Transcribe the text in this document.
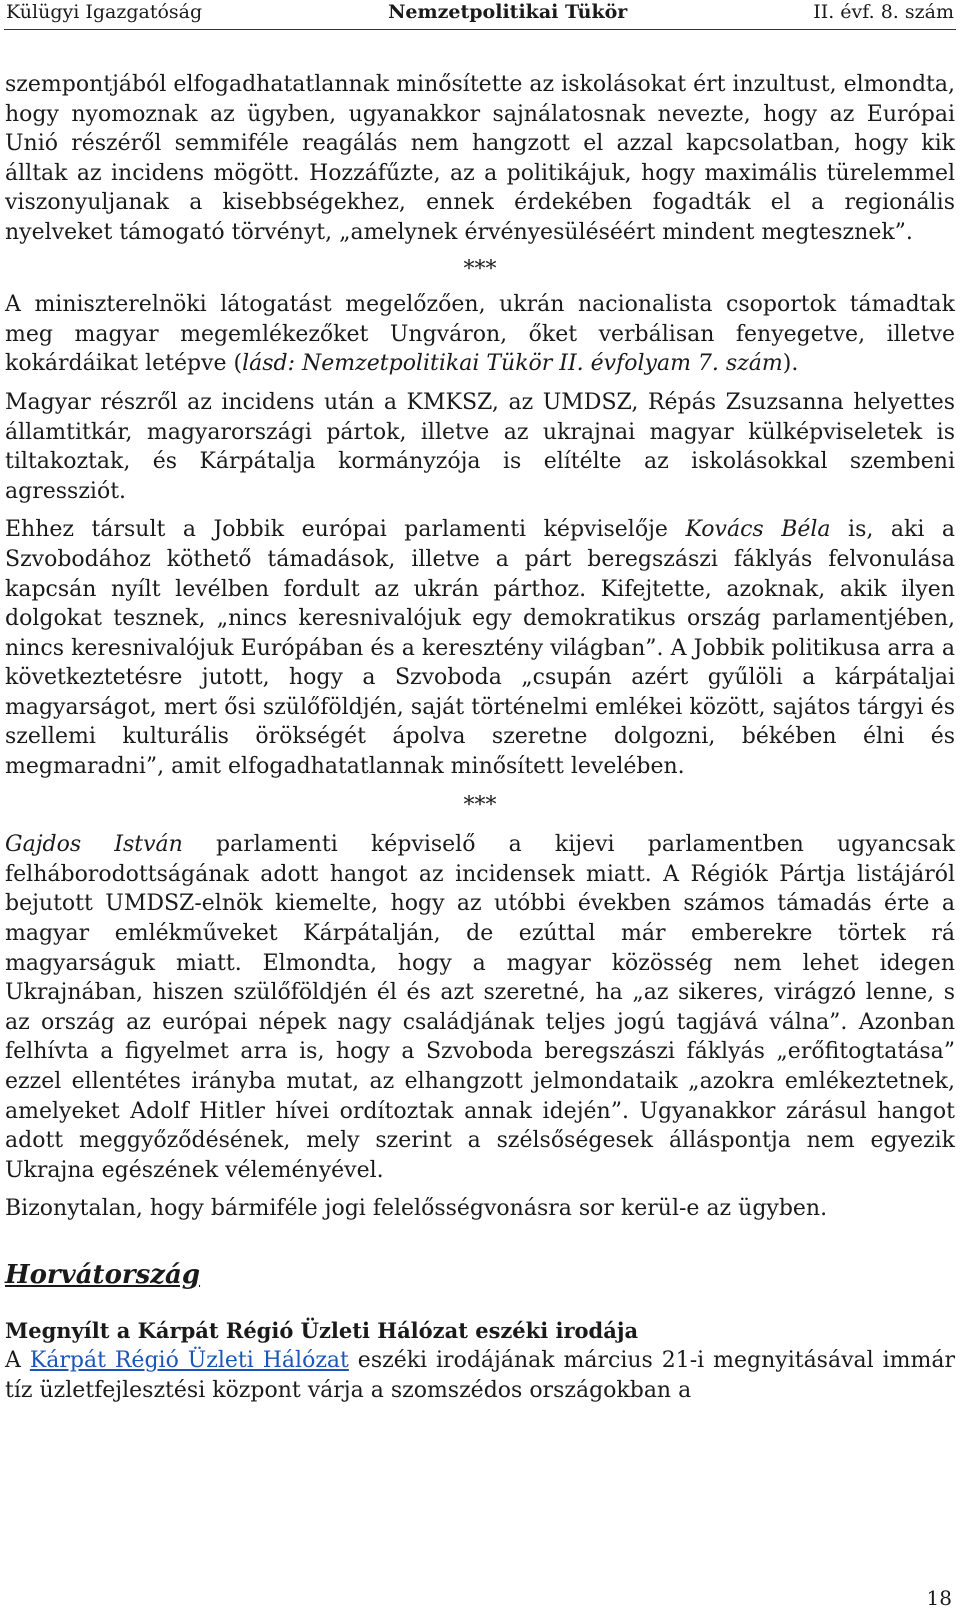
Külügyi Igazgatóság	Nemzetpolitikai Tükör	II. évf. 8. szám

szempontjából elfogadhatatlannak minősítette az iskolásokat ért inzultust, elmondta, hogy nyomoznak az ügyben, ugyanakkor sajnálatosnak nevezte, hogy az Európai Unió részéről semmiféle reagálás nem hangzott el azzal kapcsolatban, hogy kik álltak az incidens mögött. Hozzáfűzte, az a politikájuk, hogy maximális türelemmel viszonyuljanak a kisebbségekhez, ennek érdekében fogadták el a regionális nyelveket támogató törvényt, „amelynek érvényesüléséért mindent megtesznek”.

***

A miniszterelnöki látogatást megelőzően, ukrán nacionalista csoportok támadtak meg magyar megemlékezőket Ungváron, őket verbálisan fenyegetve, illetve kokárdáikat letépve (lásd: Nemzetpolitikai Tükör II. évfolyam 7. szám).

Magyar részről az incidens után a KMKSZ, az UMDSZ, Répás Zsuzsanna helyettes államtitkár, magyarországi pártok, illetve az ukrajnai magyar külképviseletek is tiltakoztak, és Kárpátalja kormányzója is elítélte az iskolásokkal szembeni agressziót.

Ehhez társult a Jobbik európai parlamenti képviselője Kovács Béla is, aki a Szvobodához köthető támadások, illetve a párt beregszászi fáklyás felvonulása kapcsán nyílt levélben fordult az ukrán párthoz. Kifejtette, azoknak, akik ilyen dolgokat tesznek, „nincs keresnivalójuk egy demokratikus ország parlamentjében, nincs keresnivalójuk Európában és a keresztény világban”. A Jobbik politikusa arra a következtetésre jutott, hogy a Szvoboda „csupán azért gyűlöli a kárpátaljai magyarságot, mert ősi szülőföldjén, saját történelmi emlékei között, sajátos tárgyi és szellemi kulturális örökségét ápolva szeretne dolgozni, békében élni és megmaradni”, amit elfogadhatatlannak minősített levelében.

***

Gajdos István parlamenti képviselő a kijevi parlamentben ugyancsak felháborodottságának adott hangot az incidensek miatt. A Régiók Pártja listájáról bejutott UMDSZ-elnök kiemelte, hogy az utóbbi években számos támadás érte a magyar emlékműveket Kárpátalján, de ezúttal már emberekre törtek rá magyarságuk miatt. Elmondta, hogy a magyar közösség nem lehet idegen Ukrajnában, hiszen szülőföldjén él és azt szeretné, ha „az sikeres, virágzó lenne, s az ország az európai népek nagy családjának teljes jogú tagjává válna”. Azonban felhívta a figyelmet arra is, hogy a Szvoboda beregszászi fáklyás „erőfitogtatása” ezzel ellentétes irányba mutat, az elhangzott jelmondataik „azokra emlékeztetnek, amelyeket Adolf Hitler hívei ordítoztak annak idején”. Ugyanakkor zárásul hangot adott meggyőződésének, mely szerint a szélsőségesek álláspontja nem egyezik Ukrajna egészének véleményével.

Bizonytalan, hogy bármiféle jogi felelősségvonásra sor kerül-e az ügyben.

Horvátország
Megnyílt a Kárpát Régió Üzleti Hálózat eszéki irodája

A Kárpát Régió Üzleti Hálózat eszéki irodájának március 21-i megnyitásával immár tíz üzletfejlesztési központ várja a szomszédos országokban a

18
